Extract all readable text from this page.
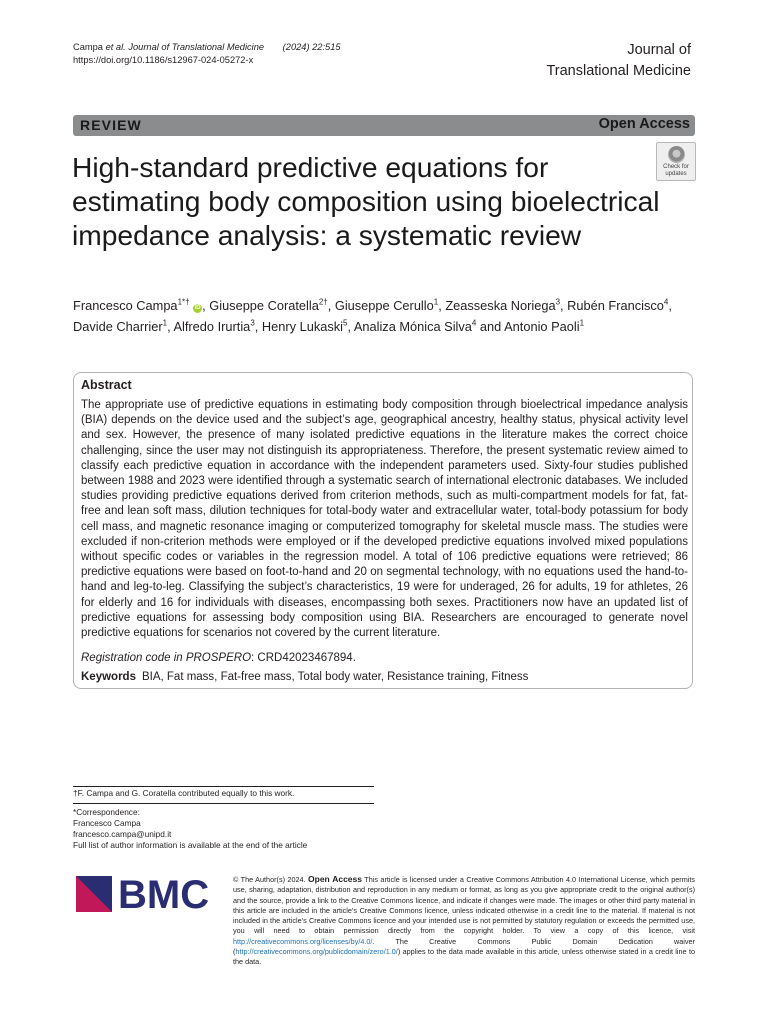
Campa et al. Journal of Translational Medicine (2024) 22:515
https://doi.org/10.1186/s12967-024-05272-x
Journal of
Translational Medicine
REVIEW	Open Access
High-standard predictive equations for estimating body composition using bioelectrical impedance analysis: a systematic review
Check for
updates
Francesco Campa$^{1*\dagger}$ iD , Giuseppe Coratella$^{2\dagger}$, Giuseppe Cerullo$^1$, Zeasseska Noriega$^3$, Rubén Francisco$^4$, Davide Charrier$^1$, Alfredo Irurtia$^3$, Henry Lukaski$^5$, Analiza Mónica Silva$^4$ and Antonio Paoli$^1$
Abstract
The appropriate use of predictive equations in estimating body composition through bioelectrical impedance analysis (BIA) depends on the device used and the subject’s age, geographical ancestry, healthy status, physical activity level and sex. However, the presence of many isolated predictive equations in the literature makes the correct choice challenging, since the user may not distinguish its appropriateness. Therefore, the present systematic review aimed to classify each predictive equation in accordance with the independent parameters used. Sixty-four studies published between 1988 and 2023 were identified through a systematic search of international electronic databases. We included studies providing predictive equations derived from criterion methods, such as multi-compartment models for fat, fat-free and lean soft mass, dilution techniques for total-body water and extracellular water, total-body potassium for body cell mass, and magnetic resonance imaging or computerized tomography for skeletal muscle mass. The studies were excluded if non-criterion methods were employed or if the developed predictive equations involved mixed populations without specific codes or variables in the regression model. A total of 106 predictive equations were retrieved; 86 predictive equations were based on foot-to-hand and 20 on segmental technology, with no equations used the hand-to-hand and leg-to-leg. Classifying the subject’s characteristics, 19 were for underaged, 26 for adults, 19 for athletes, 26 for elderly and 16 for individuals with diseases, encompassing both sexes. Practitioners now have an updated list of predictive equations for assessing body composition using BIA. Researchers are encouraged to generate novel predictive equations for scenarios not covered by the current literature.
Registration code in PROSPERO: CRD42023467894.
Keywords BIA, Fat mass, Fat-free mass, Total body water, Resistance training, Fitness
†F. Campa and G. Coratella contributed equally to this work.
*Correspondence:
Francesco Campa
francesco.campa@unipd.it
Full list of author information is available at the end of the article
BMC	© The Author(s) 2024. Open Access This article is licensed under a Creative Commons Attribution 4.0 International License, which permits use, sharing, adaptation, distribution and reproduction in any medium or format, as long as you give appropriate credit to the original author(s) and the source, provide a link to the Creative Commons licence, and indicate if changes were made. The images or other third party material in this article are included in the article’s Creative Commons licence, unless indicated otherwise in a credit line to the material. If material is not included in the article’s Creative Commons licence and your intended use is not permitted by statutory regulation or exceeds the permitted use, you will need to obtain permission directly from the copyright holder. To view a copy of this licence, visit http://creativecommons.org/licenses/by/4.0/. The Creative Commons Public Domain Dedication waiver (http://creativecommons.org/publicdomain/zero/1.0/) applies to the data made available in this article, unless otherwise stated in a credit line to the data.
